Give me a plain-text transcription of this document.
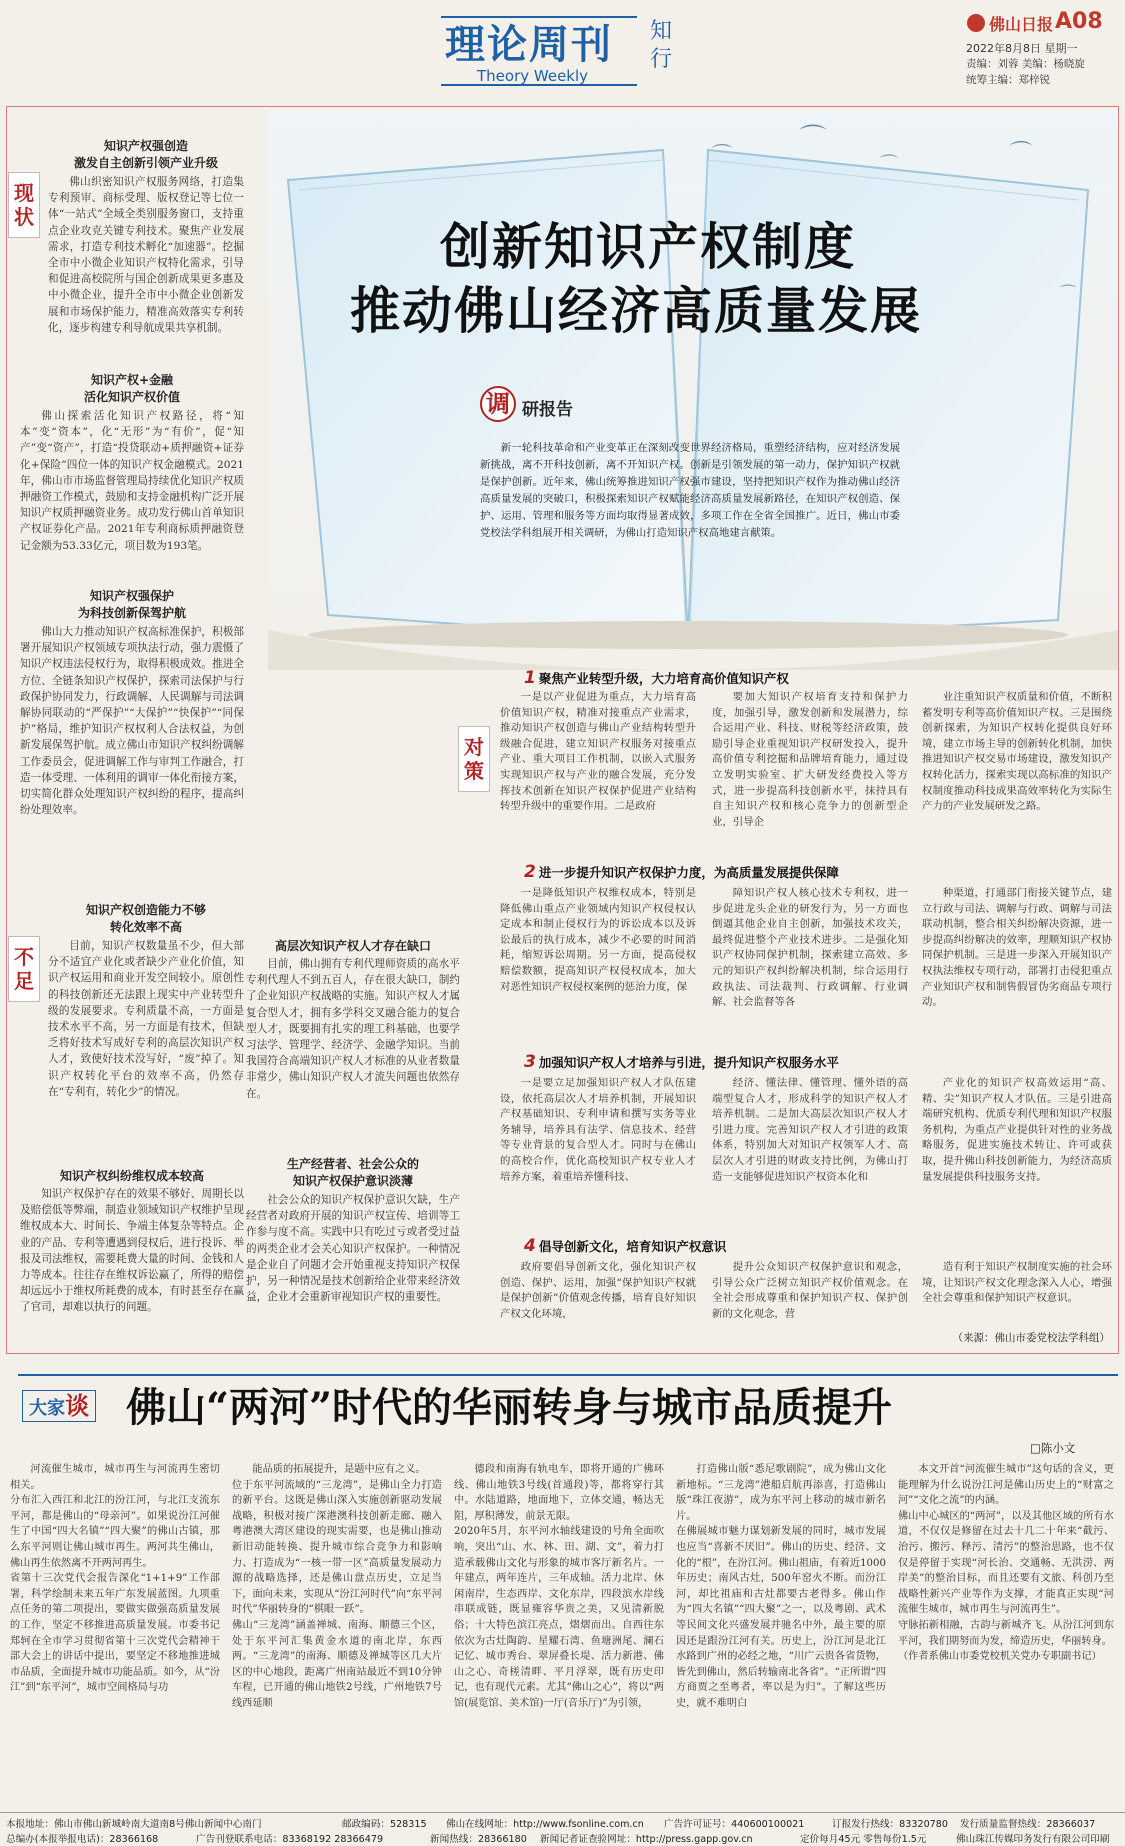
理论周刊
Theory Weekly
知行
佛山日报 A08
2022年8月8日 星期一
责编：刘蓉 美编：杨晓旋
统筹主编：郑梓锐
现状
知识产权强创造
激发自主创新引领产业升级
佛山织密知识产权服务网络，打造集专利预审、商标受理、版权登记等七位一体“一站式”全域全类别服务窗口，支持重点企业攻克关键专利技术。聚焦产业发展需求，打造专利技术孵化“加速器”。挖掘全市中小微企业知识产权特化需求，引导和促进高校院所与国企创新成果更多惠及中小微企业，提升全市中小微企业创新发展和市场保护能力，精准高效落实专利转化，逐步构建专利导航成果共享机制。
知识产权+金融
活化知识产权价值
佛山探索活化知识产权路径，将“知本”变“资本”，化“无形”为“有价”，促“知产”变“资产”，打造“投贷联动+质押融资+证券化+保险”四位一体的知识产权金融模式。2021年，佛山市市场监督管理局持续优化知识产权质押融资工作模式，鼓励和支持金融机构广泛开展知识产权质押融资业务。成功发行佛山首单知识产权证券化产品。2021年专利商标质押融资登记金额为53.33亿元，项目数为193笔。
知识产权强保护
为科技创新保驾护航
佛山大力推动知识产权高标准保护，积极部署开展知识产权领域专项执法行动，强力震慑了知识产权违法侵权行为，取得积极成效。推进全方位、全链条知识产权保护，探索司法保护与行政保护协同发力，行政调解、人民调解与司法调解协同联动的“严保护”“大保护”“快保护”“同保护”格局，维护知识产权权利人合法权益，为创新发展保驾护航。成立佛山市知识产权纠纷调解工作委员会，促进调解工作与审判工作融合，打造一体受理、一体利用的调审一体化衔接方案，切实简化群众处理知识产权纠纷的程序，提高纠纷处理效率。
⌒	⌒
⌒	⌒
⌒
创新知识产权制度
推动佛山经济高质量发展
调 研报告
新一轮科技革命和产业变革正在深刻改变世界经济格局，重塑经济结构，应对经济发展新挑战，离不开科技创新，离不开知识产权。创新是引领发展的第一动力，保护知识产权就是保护创新。近年来，佛山统筹推进知识产权强市建设，坚持把知识产权作为推动佛山经济高质量发展的突破口，积极探索知识产权赋能经济高质量发展新路径，在知识产权创造、保护、运用、管理和服务等方面均取得显著成效，多项工作在全省全国推广。近日，佛山市委党校法学科组展开相关调研，为佛山打造知识产权高地建言献策。
对策
1 聚焦产业转型升级，大力培育高价值知识产权
一是以产业促进为重点，大力培育高价值知识产权，精准对接重点产业需求，推动知识产权创造与佛山产业结构转型升级融合促进，建立知识产权服务对接重点产业、重大项目工作机制，以嵌入式服务实现知识产权与产业的融合发展，充分发挥技术创新在知识产权保护促进产业结构转型升级中的重要作用。二是政府
要加大知识产权培育支持和保护力度，加强引导，激发创新和发展潜力，综合运用产业、科技、财税等经济政策，鼓励引导企业重视知识产权研发投入，提升高价值专利挖掘和品牌培育能力，通过设立发明实验室、扩大研发经费投入等方式，进一步提高科技创新水平，抹持具有自主知识产权和核心竞争力的创新型企业，引导企
业注重知识产权质量和价值，不断积蓄发明专利等高价值知识产权。三是围绕创新探索，为知识产权转化提供良好环境，建立市场主导的创新转化机制，加快推进知识产权交易市场建设，激发知识产权转化活力，探索实现以高标准的知识产权制度推动科技成果高效率转化为实际生产力的产业发展研发之路。
2 进一步提升知识产权保护力度，为高质量发展提供保障
一是降低知识产权维权成本，特别是降低佛山重点产业领域内知识产权侵权认定成本和制止侵权行为的诉讼成本以及诉讼最后的执行成本，减少不必要的时间消耗，缩短诉讼周期。另一方面，提高侵权赔偿数额，提高知识产权侵权成本，加大对恶性知识产权侵权案例的惩治力度，保
障知识产权人核心技术专利权，进一步促进龙头企业的研发行为，另一方面也倒逼其他企业自主创新，加强技术攻关，最终促进整个产业技术进步。二是强化知识产权协同保护机制，探索建立高效、多元的知识产权纠纷解决机制，综合运用行政执法、司法裁判、行政调解、行业调解、社会监督等各
种渠道，打通部门衔接关键节点，建立行政与司法、调解与行政、调解与司法联动机制，整合相关纠纷解决资源，进一步提高纠纷解决的效率，理顺知识产权协同保护机制。三是进一步深入开展知识产权执法维权专项行动，部署打击侵犯重点产业知识产权和制售假冒伪劣商品专项行动。
3 加强知识产权人才培养与引进，提升知识产权服务水平
一是要立足加强知识产权人才队伍建设，依托高层次人才培养机制，开展知识产权基础知识、专利申请和撰写实务等业务辅导，培养具有法学、信息技术、经营等专业背景的复合型人才。同时与在佛山的高校合作，优化高校知识产权专业人才培养方案，着重培养懂科技、
经济、懂法律、懂管理、懂外语的高端型复合人才，形成科学的知识产权人才培养机制。二是加大高层次知识产权人才引进力度。完善知识产权人才引进的政策体系，特别加大对知识产权领军人才、高层次人才引进的财政支持比例，为佛山打造一支能够促进知识产权资本化和
产业化的知识产权高效运用“高、精、尖”知识产权人才队伍。三是引进高端研究机构、优质专利代理和知识产权服务机构，为重点产业提供针对性的业务战略服务，促进实施技术转让、许可或获取，提升佛山科技创新能力，为经济高质量发展提供科技服务支持。
4 倡导创新文化，培育知识产权意识
政府要倡导创新文化，强化知识产权创造、保护、运用，加强“保护知识产权就是保护创新”价值观念传播，培育良好知识产权文化环境，
提升公众知识产权保护意识和观念，引导公众广泛树立知识产权价值观念。在全社会形成尊重和保护知识产权、保护创新的文化观念，营
造有利于知识产权制度实施的社会环境，让知识产权文化理念深入人心，增强全社会尊重和保护知识产权意识。
（来源：佛山市委党校法学科组）
不足
知识产权创造能力不够
转化效率不高
目前，知识产权数量虽不少，但大部分不适宜产业化或者缺少产业化价值，知识产权运用和商业开发空间较小。原创性的科技创新还无法跟上现实中产业转型升级的发展要求。专利质量不高，一方面是技术水平不高，另一方面是有技术，但缺乏将好技术写成好专利的高层次知识产权人才，致使好技术没写好，“废”掉了。知识产权转化平台的效率不高，仍然存在“专利有，转化少”的情况。
知识产权纠纷维权成本较高
知识产权保护存在的效果不够好、周期长以及赔偿低等弊端，制造业领域知识产权维护呈现维权成本大、时间长、争端主体复杂等特点。企业的产品、专利等遭遇到侵权后，进行投诉、举报及司法维权，需要耗费大量的时间、金钱和人力等成本。往往存在维权诉讼赢了，所得的赔偿却远远小于维权所耗费的成本，有时甚至存在赢了官司，却难以执行的问题。
高层次知识产权人才存在缺口
目前，佛山拥有专利代理师资质的高水平专利代理人不到五百人，存在很大缺口，制约了企业知识产权战略的实施。知识产权人才属复合型人才，拥有多学科交叉融合能力的复合型人才，既要拥有扎实的理工科基础，也要学习法学、管理学、经济学、金融学知识。当前我国符合高端知识产权人才标准的从业者数量非常少，佛山知识产权人才流失问题也依然存在。
生产经营者、社会公众的
知识产权保护意识淡薄
社会公众的知识产权保护意识欠缺，生产经营者对政府开展的知识产权宣传、培训等工作参与度不高。实践中只有吃过亏或者受过益的两类企业才会关心知识产权保护。一种情况是企业自了问题才会开始重视支持知识产权保护，另一种情况是技术创新给企业带来经济效益，企业才会重新审视知识产权的重要性。
大家谈 佛山“两河”时代的华丽转身与城市品质提升
□陈小文
河流催生城市，城市再生与河流再生密切相关。
分布汇入西江和北江的汾江河，与北江支流东平河，都是佛山的“母亲河”。如果说汾江河催生了中国“四大名镇”“四大聚”的佛山古镇，那么东平河则让佛山城市再生。两河共生佛山，佛山再生依然离不开两河再生。
省第十三次党代会报告深化“1+1+9”工作部署，科学绘制未来五年广东发展蓝图。九项重点任务的第二项提出，要做实做强高质量发展的工作，坚定不移推进高质量发展。市委书记郑轲在全市学习贯彻省第十三次党代会精神干部大会上的讲话中提出，要坚定不移地推进城市品质，全面提升城市功能品质。如今，从“汾江”到“东平河”，城市空间格局与功
能品质的拓展提升，是题中应有之义。
位于东平河流域的“三龙湾”，是佛山全力打造的新平台。这既是佛山深入实施创新驱动发展战略，积极对接广深港澳科技创新走廊、融入粤港澳大湾区建设的现实需要，也是佛山推动新旧动能转换、提升城市综合竞争力和影响力、打造成为“一核一带一区”高质量发展动力源的战略选择，还是佛山盘点历史，立足当下，面向未来，实现从“汾江河时代”向“东平河时代”华丽转身的“棋眼一跃”。
佛山“三龙湾”涵盖禅城、南海、顺德三个区，处于东平河汇集黄金水道的南北岸，东西两。“三龙湾”的南海、顺德及禅城等区几大片区的中心地段，距离广州南站最近不到10分钟车程，已开通的佛山地铁2号线，广州地铁7号线西延顺
德段和南海有轨电车，即将开通的广佛环线、佛山地铁3号线(首通段)等，都将穿行其中。水陆道路，地面地下，立体交通，畅达无阻，厚积薄发，前景无限。
2020年5月，东平河水轴线建设的号角全面吹响，突出“山、水、林、田、湖、文”，着力打造承载佛山文化与形象的城市客厅新名片。一年建点，两年连片，三年成轴。活力北岸、休闲南岸，生态西岸、文化东岸，四段滨水岸线串联成链，既显雍容华贵之美，又见清新脱俗；十大特色滨江亮点，熠熠而出。自西往东依次为古灶陶韵、星耀石湾、鱼塘洲尾、澜石记忆、城市秀台、翠屏叠长堤、活力新港、佛山之心、奇槎清畔、平月浮翠，既有历史印记，也有现代元素。尤其“佛山之心”，将以“两馆(展览馆、美术馆)一厅(音乐厅)”为引领，
打造佛山版“悉尼歌剧院”，成为佛山文化新地标。“三龙湾”港船启航再添喜，打造佛山版“珠江夜游”，成为东平河上移动的城市新名片。
在佛展城市魅力谋划新发展的同时，城市发展也应当“喜新不厌旧”。佛山的历史、经济、文化的“根”，在汾江河。佛山祖庙，有着近1000年历史；南风古灶，500年窑火不断。而汾江河，却比祖庙和古灶都要古老得多。佛山作为“四大名镇”“四大聚”之一，以及粤剧、武术等民间文化兴盛发展并驰名中外，最主要的原因还是跟汾江河有关。历史上，汾江河是北江水路到广州的必经之地，“川广云贵各省货物，皆先到佛山，然后转输南北各省”。“正所谓“四方商贾之至粤者，率以是为归”。了解这些历史，就不难明白
本文开首“河流催生城市”这句话的含义，更能理解为什么说汾江河是佛山历史上的“财富之河”“文化之流”的内涵。
佛山中心城区的“两河”，以及其他区域的所有水道，不仅仅是修留在过去十几二十年来“截污、治污、搬污、释污、清污”的整治思路，也不仅仅是停留于实现“河长治、交通畅、无洪涝、两岸美”的整治目标，而且还要有文旅、科创乃至战略性新兴产业等作为支撑，才能真正实现“河流催生城市，城市再生与河流再生”。
守脉拓新相融，古韵与新城齐飞。从汾江河到东平河，我们期努而为发，缔造历史，华丽转身。
（作者系佛山市委党校机关党办专职副书记）
本报地址：佛山市佛山新城岭南大道南8号佛山新闻中心南门	邮政编码：528315 佛山在线网址：http://www.fsonline.com.cn 广告许可证号：440600100021	订报发行热线：83320780 发行质量监督热线：28366037
总编办(本报举报电话)：28366168	广告刊登联系电话：83368192 28366479	新闻热线：28366180 新闻记者证查验网址：http://press.gapp.gov.cn	定价每月45元 零售每份1.5元	佛山珠江传媒印务发行有限公司印刷
